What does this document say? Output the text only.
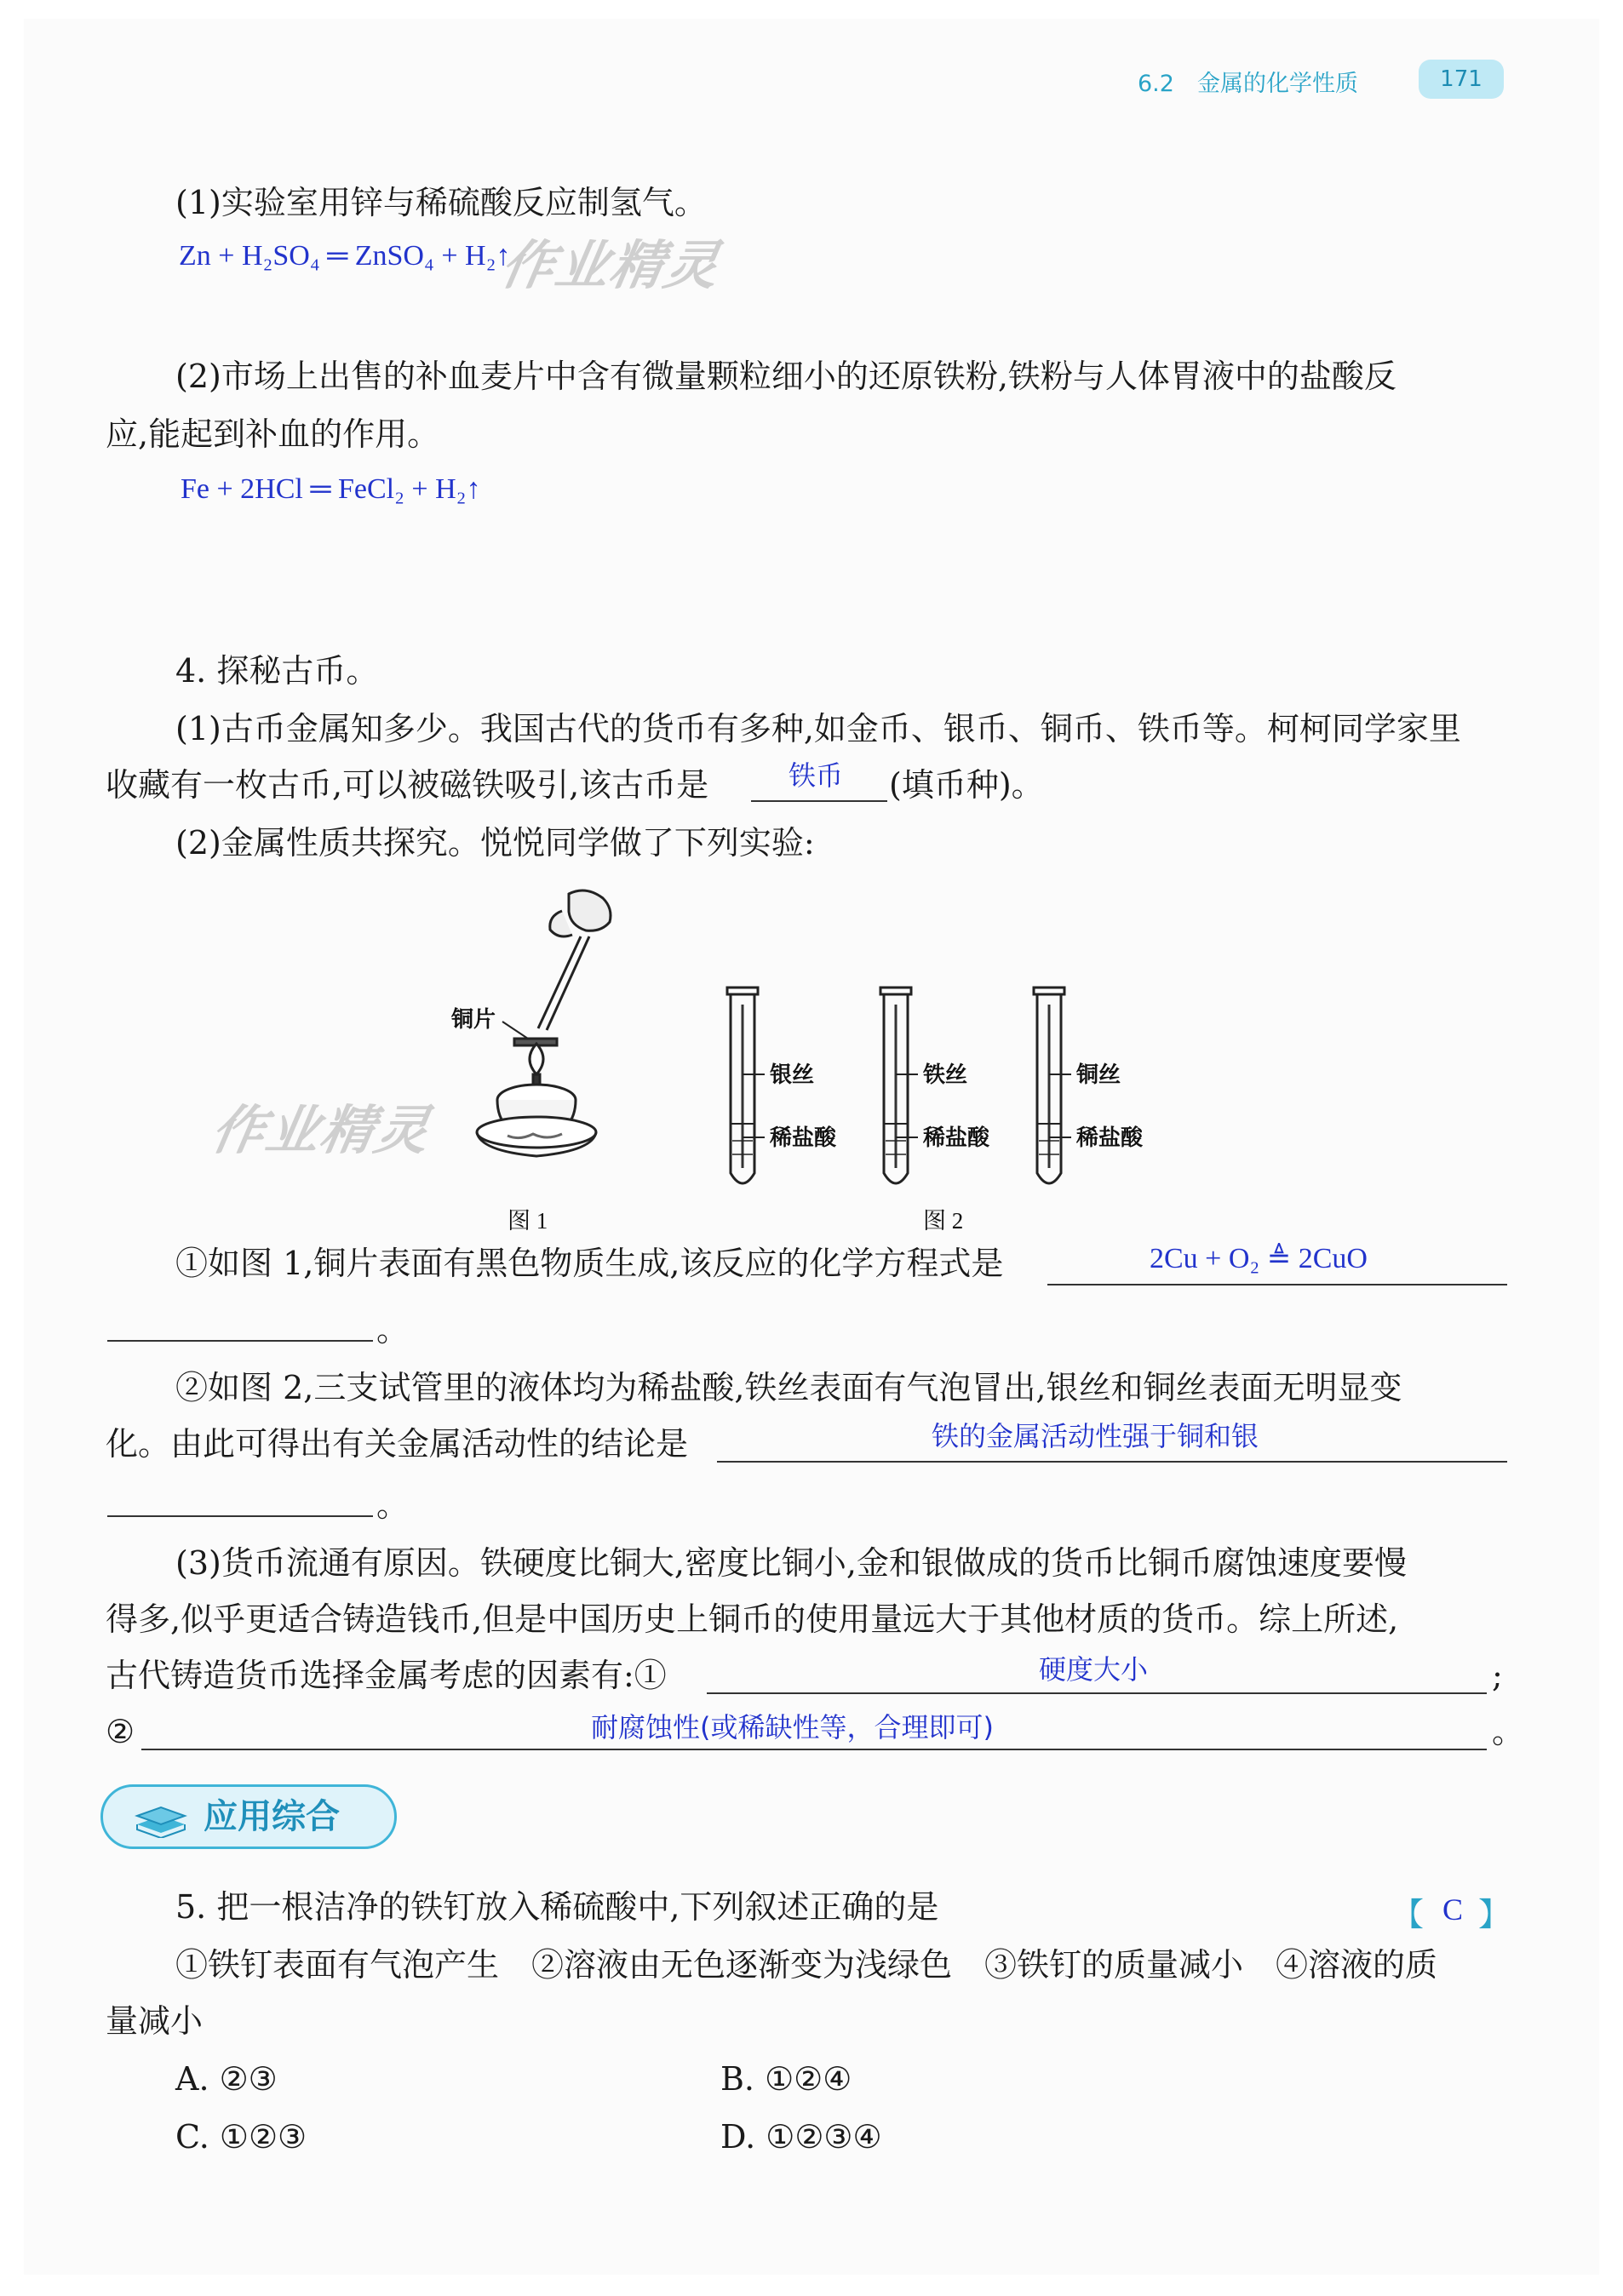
6.2　金属的化学性质	171
(1)实验室用锌与稀硫酸反应制氢气。
Zn + H₂SO₄ ═ ZnSO₄ + H₂↑
作业精灵
(2)市场上出售的补血麦片中含有微量颗粒细小的还原铁粉,铁粉与人体胃液中的盐酸反
应,能起到补血的作用。
Fe + 2HCl ═ FeCl₂ + H₂↑
4. 探秘古币。
(1)古币金属知多少。我国古代的货币有多种,如金币、银币、铜币、铁币等。柯柯同学家里
收藏有一枚古币,可以被磁铁吸引,该古币是	铁币 (填币种)。
(2)金属性质共探究。悦悦同学做了下列实验:
铜片
银丝
稀盐酸
铁丝
稀盐酸
铜丝
稀盐酸
图 1	图 2
作业精灵
①如图 1,铜片表面有黑色物质生成,该反应的化学方程式是	2Cu + O₂ ≜ 2CuO
。
②如图 2,三支试管里的液体均为稀盐酸,铁丝表面有气泡冒出,银丝和铜丝表面无明显变
化。由此可得出有关金属活动性的结论是	铁的金属活动性强于铜和银
。
(3)货币流通有原因。铁硬度比铜大,密度比铜小,金和银做成的货币比铜币腐蚀速度要慢
得多,似乎更适合铸造钱币,但是中国历史上铜币的使用量远大于其他材质的货币。综上所述,
古代铸造货币选择金属考虑的因素有:①	硬度大小	;
②	耐腐蚀性(或稀缺性等，合理即可)	。
应用综合
5. 把一根洁净的铁钉放入稀硫酸中,下列叙述正确的是	【 C 】
①铁钉表面有气泡产生　②溶液由无色逐渐变为浅绿色　③铁钉的质量减小　④溶液的质
量减小
A. ②③	B. ①②④
C. ①②③	D. ①②③④
